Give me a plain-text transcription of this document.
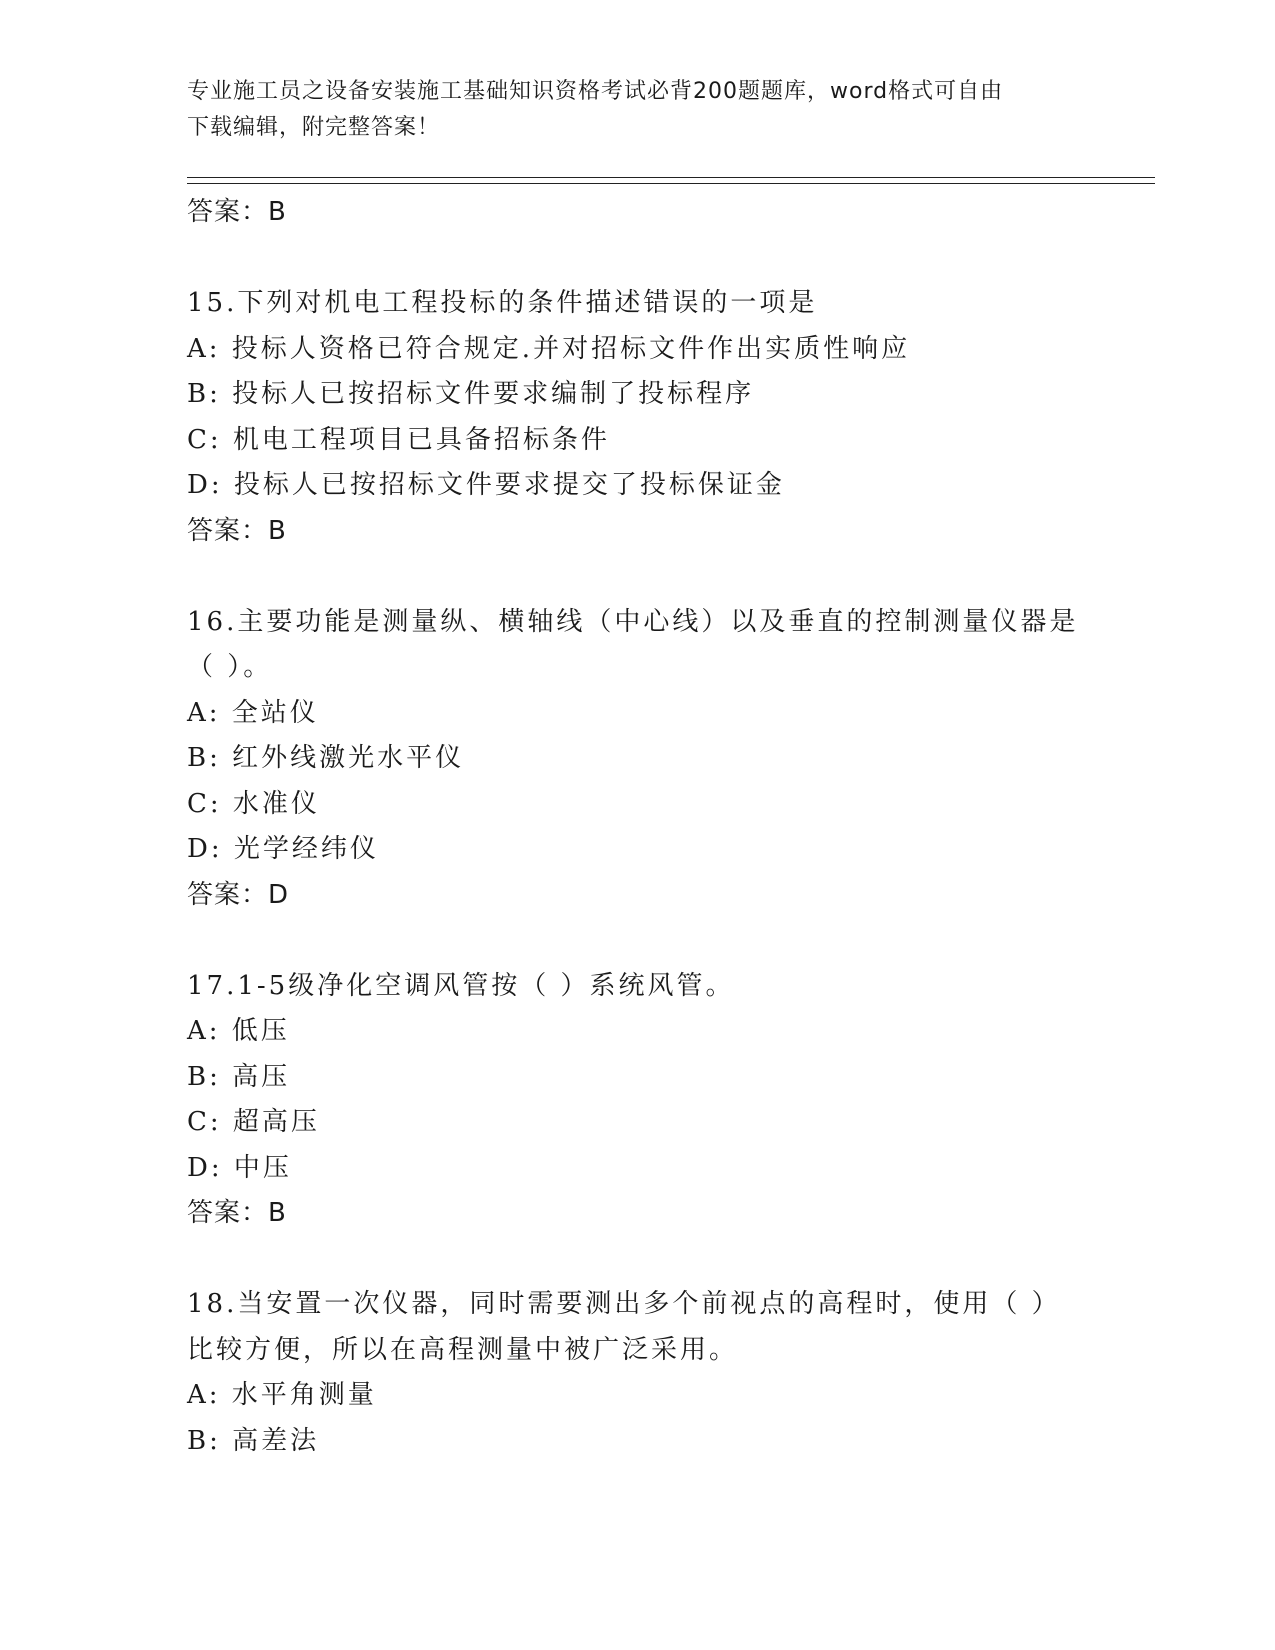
专业施工员之设备安装施工基础知识资格考试必背200题题库，word格式可自由
下载编辑，附完整答案！
答案：B
15.下列对机电工程投标的条件描述错误的一项是
A: 投标人资格已符合规定.并对招标文件作出实质性响应
B: 投标人已按招标文件要求编制了投标程序
C: 机电工程项目已具备招标条件
D: 投标人已按招标文件要求提交了投标保证金
答案：B
16.主要功能是测量纵、横轴线（中心线）以及垂直的控制测量仪器是
（ ）。
A: 全站仪
B: 红外线激光水平仪
C: 水准仪
D: 光学经纬仪
答案：D
17.1-5级净化空调风管按（ ）系统风管。
A: 低压
B: 高压
C: 超高压
D: 中压
答案：B
18.当安置一次仪器，同时需要测出多个前视点的高程时，使用（ ）
比较方便，所以在高程测量中被广泛采用。
A: 水平角测量
B: 高差法
